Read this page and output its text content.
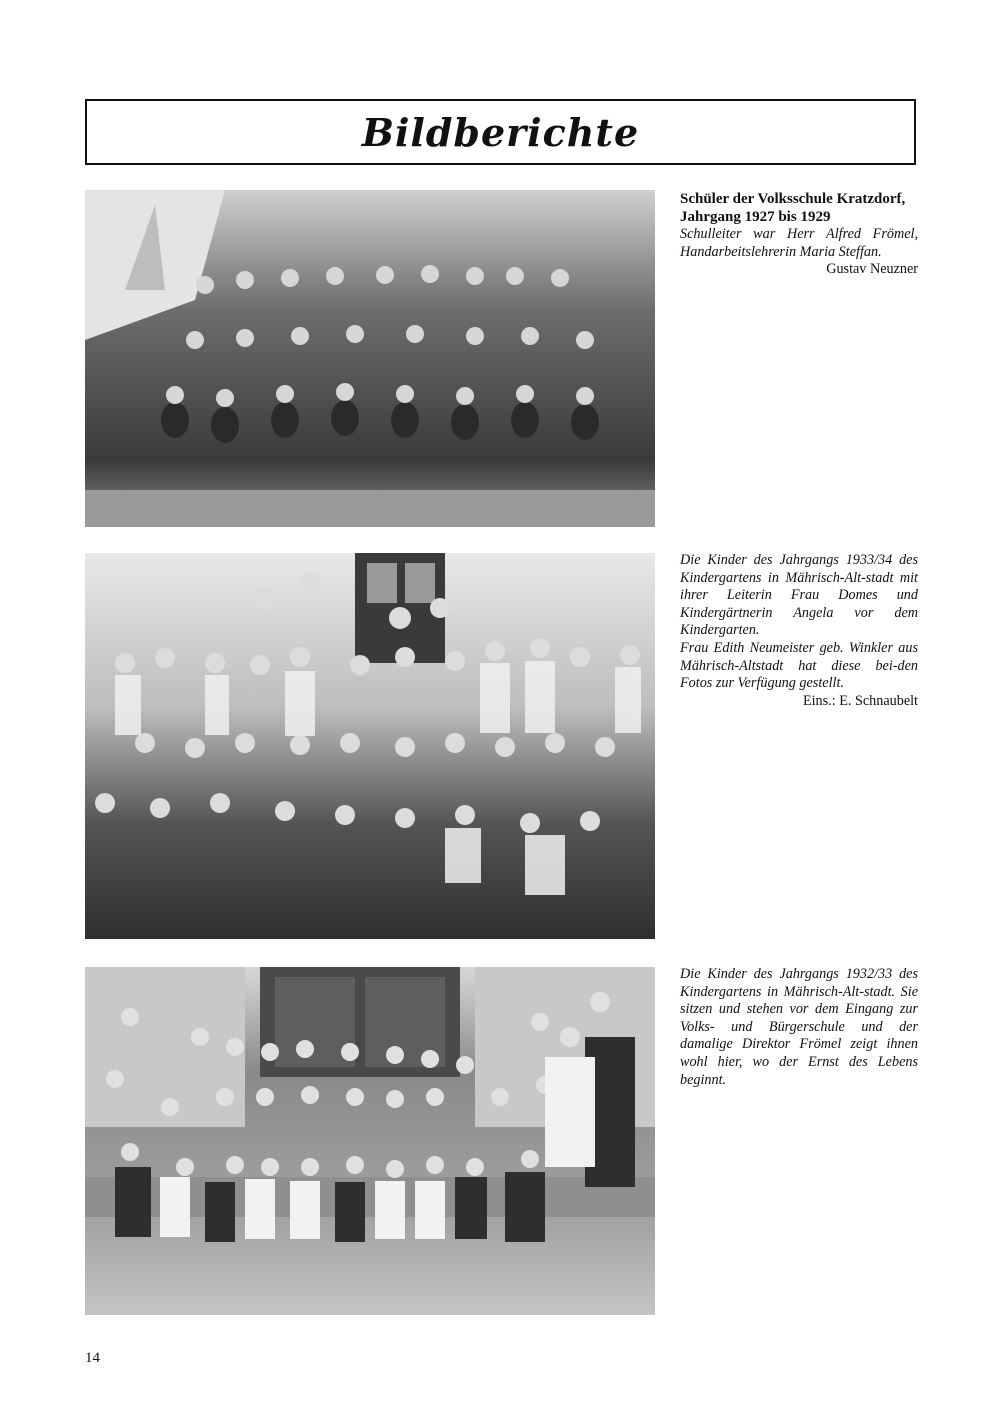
Bildberichte

Schüler der Volksschule Kratzdorf, Jahrgang 1927 bis 1929

Schulleiter war Herr Alfred Frömel, Handarbeitslehrerin Maria Steffan.

Gustav Neuzner

Die Kinder des Jahrgangs 1933/34 des Kindergartens in Mährisch-Alt-stadt mit ihrer Leiterin Frau Domes und Kindergärtnerin Angela vor dem Kindergarten.

Frau Edith Neumeister geb. Winkler aus Mährisch-Altstadt hat diese bei-den Fotos zur Verfügung gestellt.

Eins.: E. Schnaubelt

Die Kinder des Jahrgangs 1932/33 des Kindergartens in Mährisch-Alt-stadt. Sie sitzen und stehen vor dem Eingang zur Volks- und Bürgerschule und der damalige Direktor Frömel zeigt ihnen wohl hier, wo der Ernst des Lebens beginnt.

14
